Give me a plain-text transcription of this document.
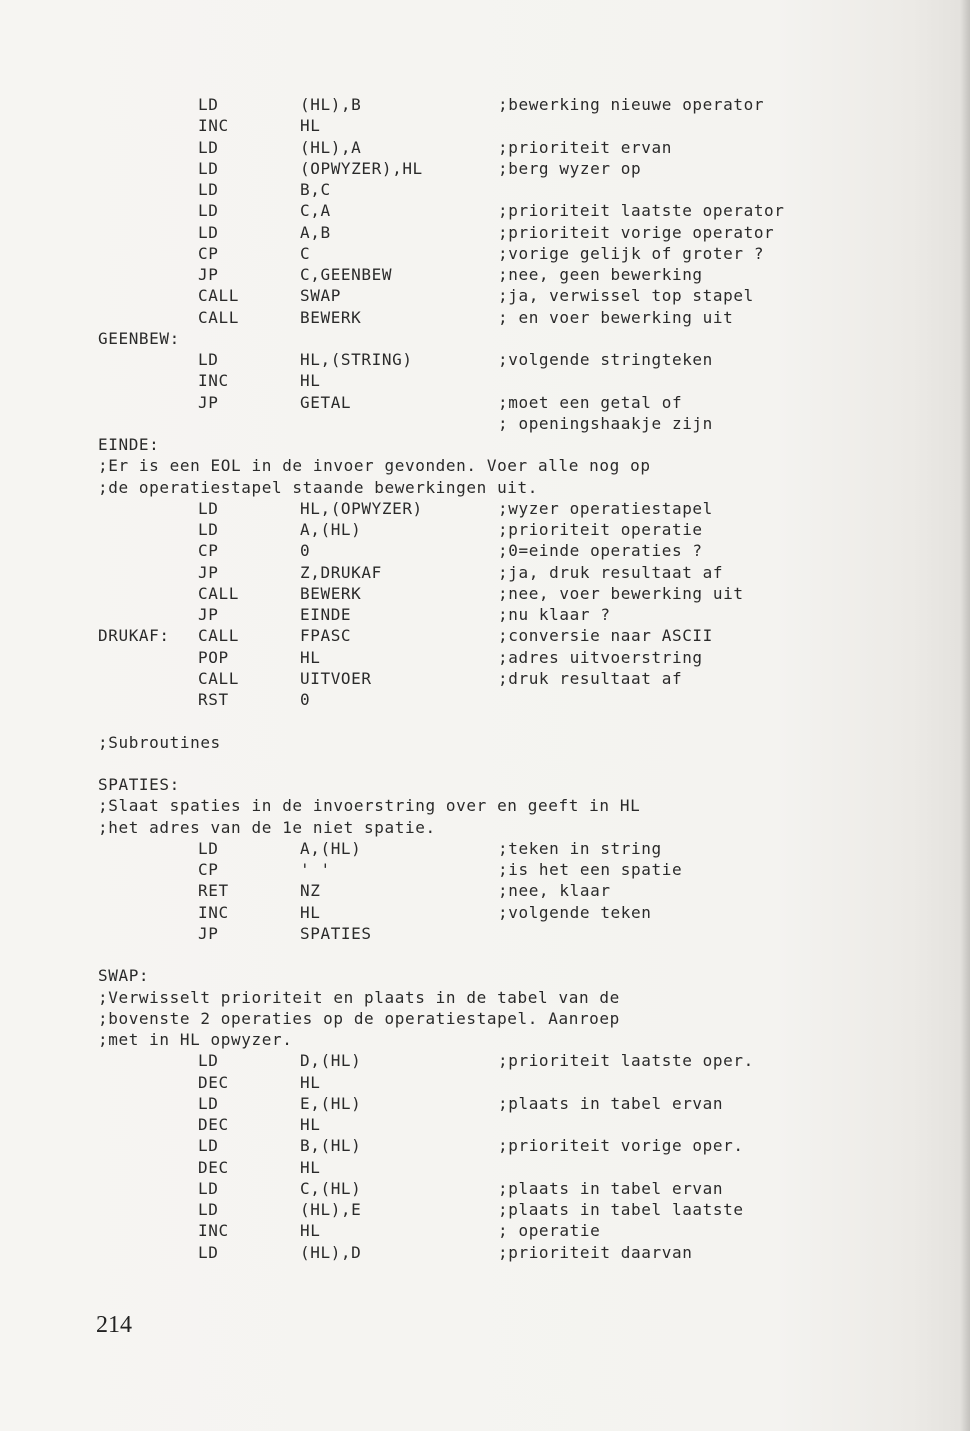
LD	(HL),B	;bewerking nieuwe operator
INC	HL
LD	(HL),A	;prioriteit ervan
LD	(OPWYZER),HL	;berg wyzer op
LD	B,C
LD	C,A	;prioriteit laatste operator
LD	A,B	;prioriteit vorige operator
CP	C	;vorige gelijk of groter ?
JP	C,GEENBEW	;nee, geen bewerking
CALL	SWAP	;ja, verwissel top stapel
CALL	BEWERK	; en voer bewerking uit
GEENBEW:
LD	HL,(STRING)	;volgende stringteken
INC	HL
JP	GETAL	;moet een getal of
; openingshaakje zijn
EINDE:
;Er is een EOL in de invoer gevonden. Voer alle nog op
;de operatiestapel staande bewerkingen uit.
LD	HL,(OPWYZER)	;wyzer operatiestapel
LD	A,(HL)	;prioriteit operatie
CP	0	;0=einde operaties ?
JP	Z,DRUKAF	;ja, druk resultaat af
CALL	BEWERK	;nee, voer bewerking uit
JP	EINDE	;nu klaar ?
DRUKAF: CALL	FPASC	;conversie naar ASCII
POP	HL	;adres uitvoerstring
CALL	UITVOER	;druk resultaat af
RST	0
;Subroutines
SPATIES:
;Slaat spaties in de invoerstring over en geeft in HL
;het adres van de 1e niet spatie.
LD	A,(HL)	;teken in string
CP	' '	;is het een spatie
RET	NZ	;nee, klaar
INC	HL	;volgende teken
JP	SPATIES
SWAP:
;Verwisselt prioriteit en plaats in de tabel van de
;bovenste 2 operaties op de operatiestapel. Aanroep
;met in HL opwyzer.
LD	D,(HL)	;prioriteit laatste oper.
DEC	HL
LD	E,(HL)	;plaats in tabel ervan
DEC	HL
LD	B,(HL)	;prioriteit vorige oper.
DEC	HL
LD	C,(HL)	;plaats in tabel ervan
LD	(HL),E	;plaats in tabel laatste
INC	HL	; operatie
LD	(HL),D	;prioriteit daarvan
214
